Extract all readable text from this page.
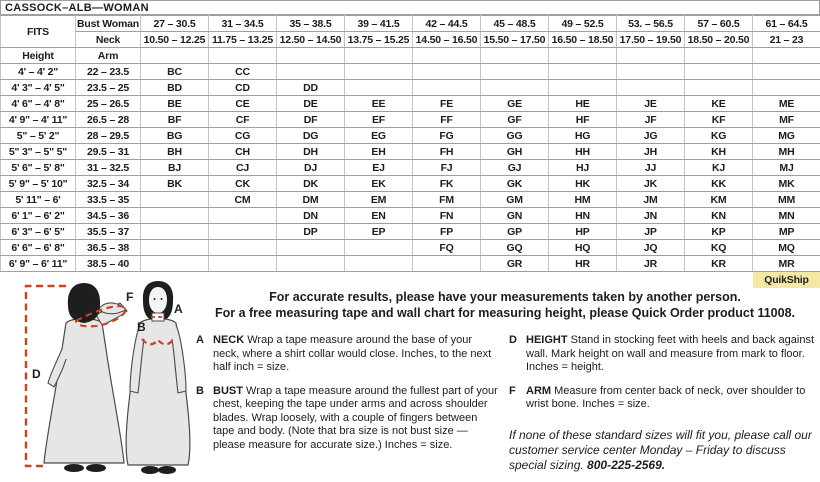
CASSOCK–ALB—WOMAN
FITS	Bust Woman	27 – 30.5	31 – 34.5	35 – 38.5	39 – 41.5	42 – 44.5	45 – 48.5	49 – 52.5	53. – 56.5	57 – 60.5	61 – 64.5
	Neck	10.50 – 12.25	11.75 – 13.25	12.50 – 14.50	13.75 – 15.25	14.50 – 16.50	15.50 – 17.50	16.50 – 18.50	17.50 – 19.50	18.50 – 20.50	21 – 23
Height	Arm										
4' – 4' 2"	22 – 23.5	BC	CC								
4' 3" – 4' 5"	23.5 – 25	BD	CD	DD							
4' 6" – 4' 8"	25 – 26.5	BE	CE	DE	EE	FE	GE	HE	JE	KE	ME
4' 9" – 4' 11"	26.5 – 28	BF	CF	DF	EF	FF	GF	HF	JF	KF	MF
5" – 5' 2"	28 – 29.5	BG	CG	DG	EG	FG	GG	HG	JG	KG	MG
5" 3" – 5" 5"	29.5 – 31	BH	CH	DH	EH	FH	GH	HH	JH	KH	MH
5' 6" – 5' 8"	31 – 32.5	BJ	CJ	DJ	EJ	FJ	GJ	HJ	JJ	KJ	MJ
5' 9" – 5' 10"	32.5 – 34	BK	CK	DK	EK	FK	GK	HK	JK	KK	MK
5' 11" – 6'	33.5 – 35		CM	DM	EM	FM	GM	HM	JM	KM	MM
6' 1" – 6' 2"	34.5 – 36			DN	EN	FN	GN	HN	JN	KN	MN
6' 3" – 6' 5"	35.5 – 37			DP	EP	FP	GP	HP	JP	KP	MP
6' 6" – 6' 8"	36.5 – 38					FQ	GQ	HQ	JQ	KQ	MQ
6' 9" – 6' 11"	38.5 – 40						GR	HR	JR	KR	MR
											QuikShip
D
F
A
B
For accurate results, please have your measurements taken by another person.
For a free measuring tape and wall chart for measuring height, please Quick Order product 11008.
A NECK Wrap a tape measure around the base of your neck, where a shirt collar would close. Inches, to the next half inch = size.
B BUST Wrap a tape measure around the fullest part of your chest, keeping the tape under arms and across shoulder blades. Wrap loosely, with a couple of fingers between tape and body. (Note that bra size is not bust size — please measure for accurate size.) Inches = size.
D HEIGHT Stand in stocking feet with heels and back against wall. Mark height on wall and measure from mark to floor. Inches = height.
F ARM Measure from center back of neck, over shoulder to wrist bone. Inches = size.
If none of these standard sizes will fit you, please call our customer service center Monday – Friday to discuss special sizing. 800-225-2569.
